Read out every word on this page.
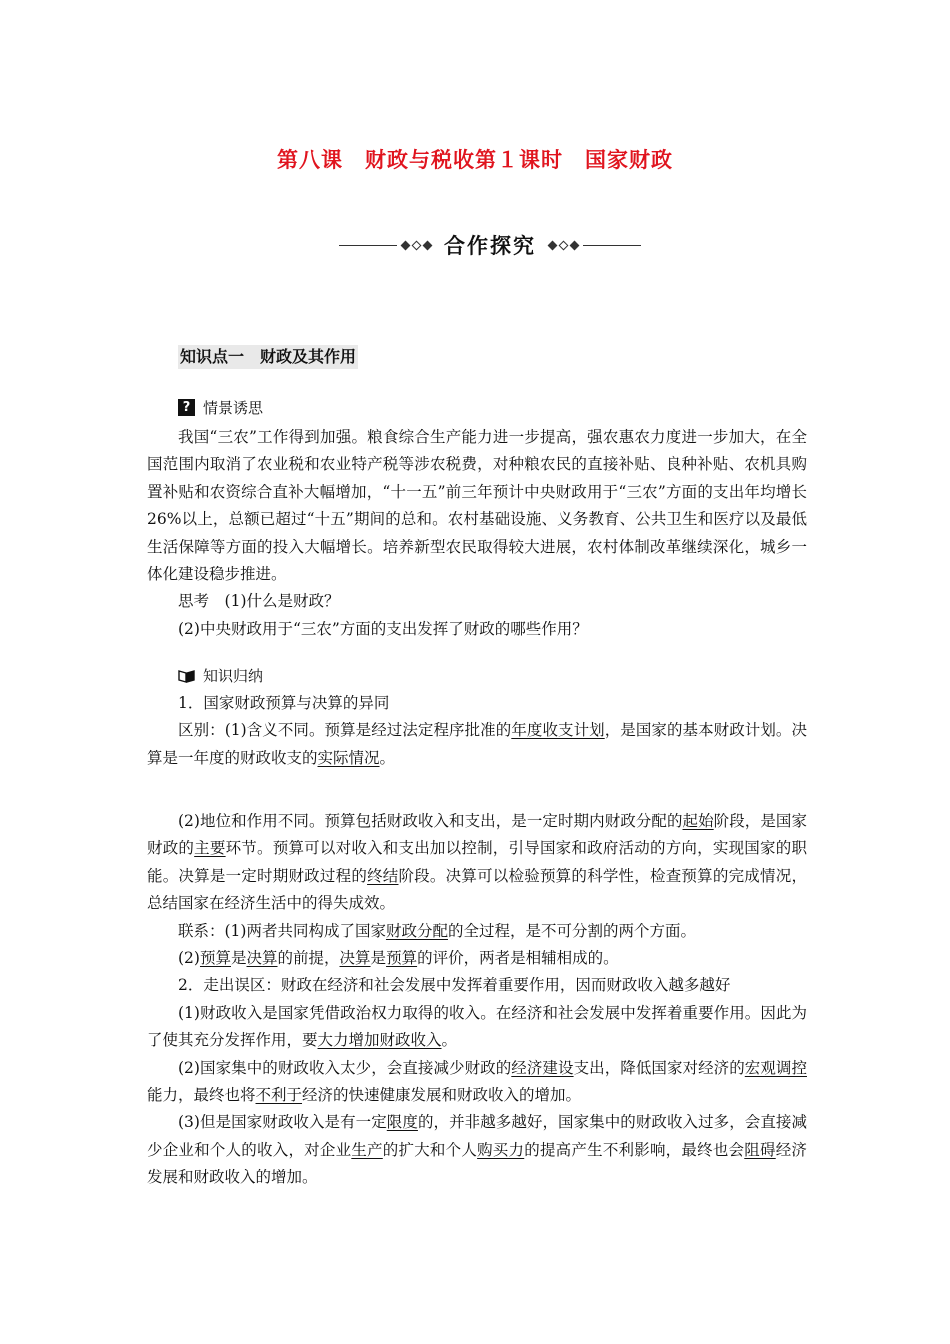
第八课　财政与税收第１课时　国家财政
合作探究
知识点一　财政及其作用
? 情景诱思

我国“三农”工作得到加强。粮食综合生产能力进一步提高，强农惠农力度进一步加大，在全国范围内取消了农业税和农业特产税等涉农税费，对种粮农民的直接补贴、良种补贴、农机具购置补贴和农资综合直补大幅增加，“十一五”前三年预计中央财政用于“三农”方面的支出年均增长26%以上，总额已超过“十五”期间的总和。农村基础设施、义务教育、公共卫生和医疗以及最低生活保障等方面的投入大幅增长。培养新型农民取得较大进展，农村体制改革继续深化，城乡一体化建设稳步推进。

思考　 (1)什么是财政？

(2)中央财政用于“三农”方面的支出发挥了财政的哪些作用？

知识归纳

1．国家财政预算与决算的异同

区别：(1)含义不同。预算是经过法定程序批准的年度收支计划，是国家的基本财政计划。决算是一年度的财政收支的实际情况。

(2)地位和作用不同。预算包括财政收入和支出，是一定时期内财政分配的起始阶段，是国家财政的主要环节。预算可以对收入和支出加以控制，引导国家和政府活动的方向，实现国家的职能。决算是一定时期财政过程的终结阶段。决算可以检验预算的科学性，检查预算的完成情况，总结国家在经济生活中的得失成效。

联系：(1)两者共同构成了国家财政分配的全过程，是不可分割的两个方面。

(2)预算是决算的前提，决算是预算的评价，两者是相辅相成的。

2．走出误区：财政在经济和社会发展中发挥着重要作用，因而财政收入越多越好

(1)财政收入是国家凭借政治权力取得的收入。在经济和社会发展中发挥着重要作用。因此为了使其充分发挥作用，要大力增加财政收入。

(2)国家集中的财政收入太少，会直接减少财政的经济建设支出，降低国家对经济的宏观调控能力，最终也将不利于经济的快速健康发展和财政收入的增加。

(3)但是国家财政收入是有一定限度的，并非越多越好，国家集中的财政收入过多，会直接减少企业和个人的收入，对企业生产的扩大和个人购买力的提高产生不利影响，最终也会阻碍经济发展和财政收入的增加。
